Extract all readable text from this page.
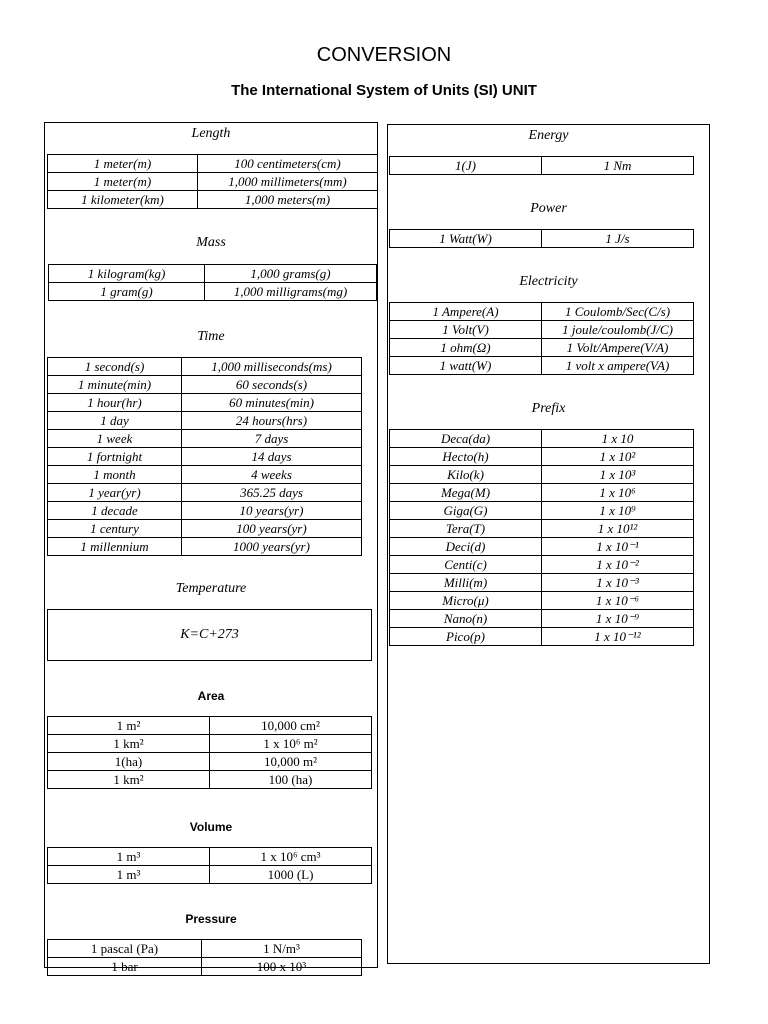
CONVERSION
The International System of Units (SI) UNIT
Length
1 meter(m)	100 centimeters(cm)
1 meter(m)	1,000 millimeters(mm)
1 kilometer(km)	1,000 meters(m)
Mass
1 kilogram(kg)	1,000 grams(g)
1 gram(g)	1,000 milligrams(mg)
Time
1 second(s)	1,000 milliseconds(ms)
1 minute(min)	60 seconds(s)
1 hour(hr)	60 minutes(min)
1 day	24 hours(hrs)
1 week	7 days
1 fortnight	14 days
1 month	4 weeks
1 year(yr)	365.25 days
1 decade	10 years(yr)
1 century	100 years(yr)
1 millennium	1000 years(yr)
Temperature
K=C+273
Area
1 m²	10,000 cm²
1 km²	1 x 10⁶ m²
1(ha)	10,000 m²
1 km²	100 (ha)
Volume
1 m³	1 x 10⁶ cm³
1 m³	1000 (L)
Pressure
1 pascal (Pa)	1 N/m³
1 bar	100 x 10³
Energy
1(J)	1 Nm
Power
1 Watt(W)	1 J/s
Electricity
1 Ampere(A)	1 Coulomb/Sec(C/s)
1 Volt(V)	1 joule/coulomb(J/C)
1 ohm(Ω)	1 Volt/Ampere(V/A)
1 watt(W)	1 volt x ampere(VA)
Prefix
Deca(da)	1 x 10
Hecto(h)	1 x 10²
Kilo(k)	1 x 10³
Mega(M)	1 x 10⁶
Giga(G)	1 x 10⁹
Tera(T)	1 x 10¹²
Deci(d)	1 x 10⁻¹
Centi(c)	1 x 10⁻²
Milli(m)	1 x 10⁻³
Micro(μ)	1 x 10⁻⁶
Nano(n)	1 x 10⁻⁹
Pico(p)	1 x 10⁻¹²
